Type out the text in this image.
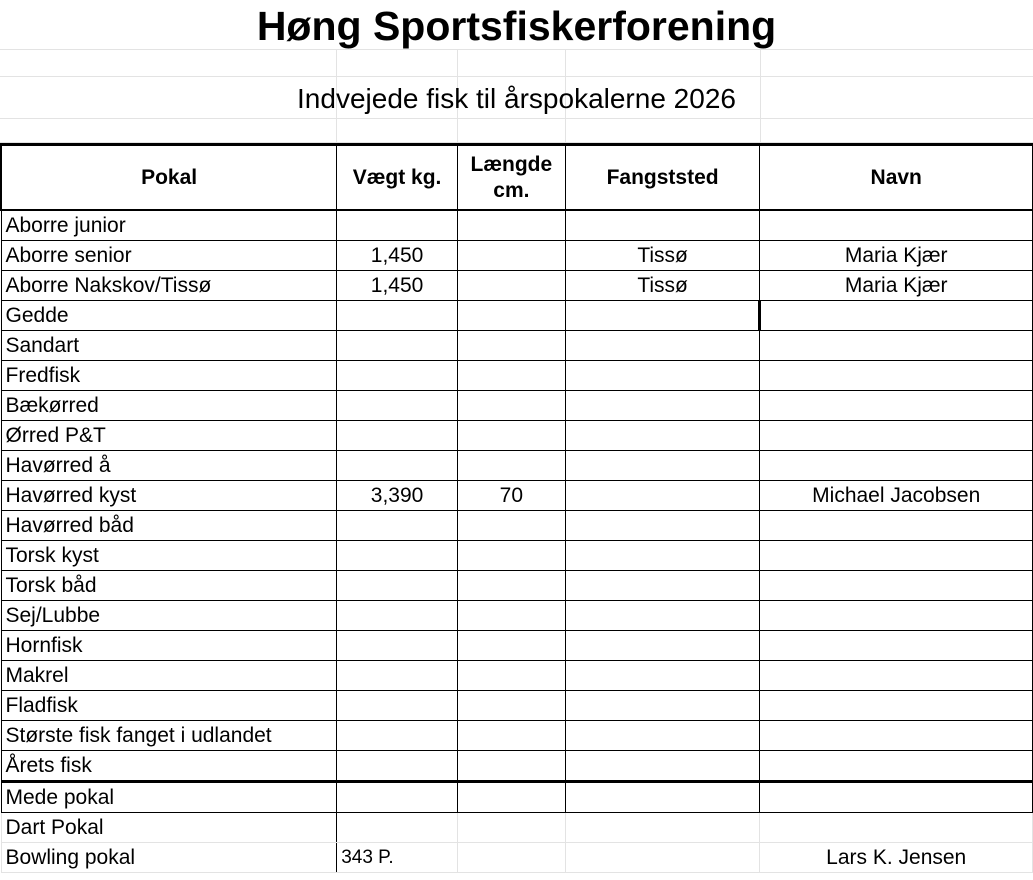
Høng Sportsfiskerforening
Indvejede fisk til årspokalerne 2026
Pokal	Vægt kg.	Længde cm.	Fangststed	Navn
Aborre junior				
Aborre senior	1,450		Tissø	Maria Kjær
Aborre Nakskov/Tissø	1,450		Tissø	Maria Kjær
Gedde				
Sandart				
Fredfisk				
Bækørred				
Ørred P&T				
Havørred å				
Havørred kyst	3,390	70		Michael Jacobsen
Havørred båd				
Torsk kyst				
Torsk båd				
Sej/Lubbe				
Hornfisk				
Makrel				
Fladfisk				
Største fisk fanget i udlandet				
Årets fisk				
Mede pokal				
Dart Pokal				
Bowling pokal	343 P.			Lars K. Jensen
